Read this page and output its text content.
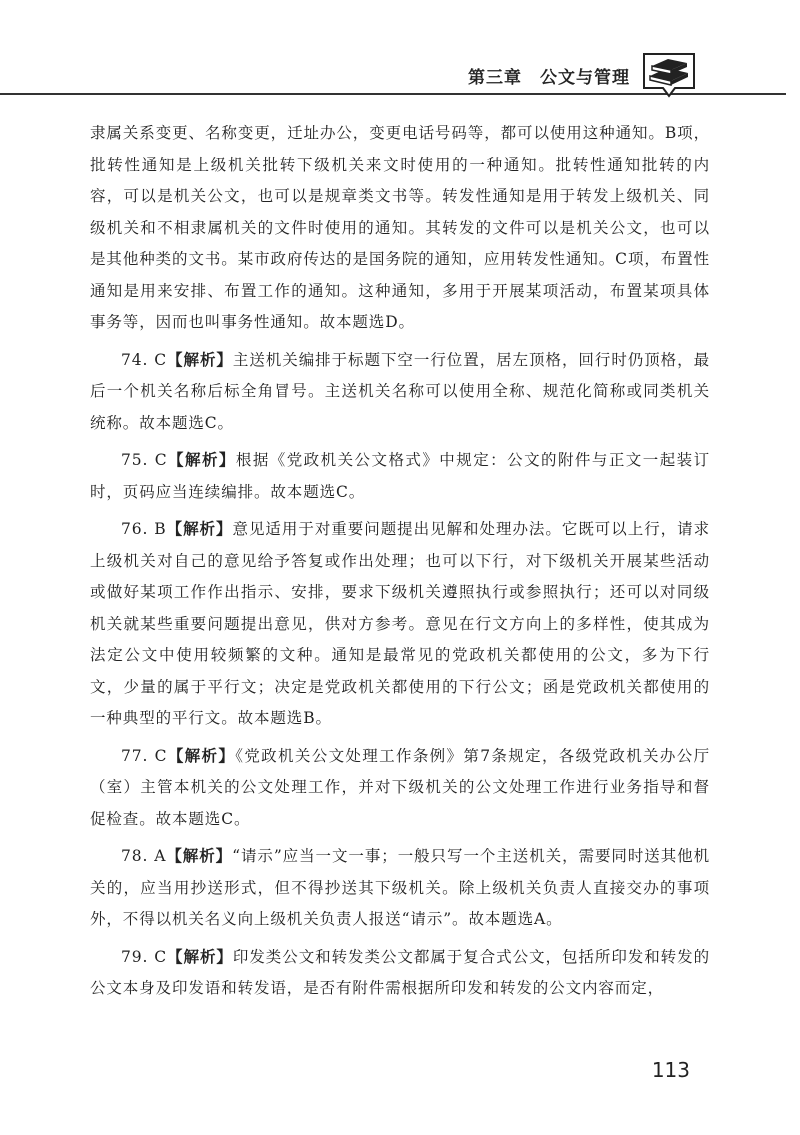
第三章　公文与管理

隶属关系变更、名称变更，迁址办公，变更电话号码等，都可以使用这种通知。B项，批转性通知是上级机关批转下级机关来文时使用的一种通知。批转性通知批转的内容，可以是机关公文，也可以是规章类文书等。转发性通知是用于转发上级机关、同级机关和不相隶属机关的文件时使用的通知。其转发的文件可以是机关公文，也可以是其他种类的文书。某市政府传达的是国务院的通知，应用转发性通知。C项，布置性通知是用来安排、布置工作的通知。这种通知，多用于开展某项活动，布置某项具体事务等，因而也叫事务性通知。故本题选D。

74. C【解析】主送机关编排于标题下空一行位置，居左顶格，回行时仍顶格，最后一个机关名称后标全角冒号。主送机关名称可以使用全称、规范化简称或同类机关统称。故本题选C。

75. C【解析】根据《党政机关公文格式》中规定：公文的附件与正文一起装订时，页码应当连续编排。故本题选C。

76. B【解析】意见适用于对重要问题提出见解和处理办法。它既可以上行，请求上级机关对自己的意见给予答复或作出处理；也可以下行，对下级机关开展某些活动或做好某项工作作出指示、安排，要求下级机关遵照执行或参照执行；还可以对同级机关就某些重要问题提出意见，供对方参考。意见在行文方向上的多样性，使其成为法定公文中使用较频繁的文种。通知是最常见的党政机关都使用的公文，多为下行文，少量的属于平行文；决定是党政机关都使用的下行公文；函是党政机关都使用的一种典型的平行文。故本题选B。

77. C【解析】《党政机关公文处理工作条例》第7条规定，各级党政机关办公厅（室）主管本机关的公文处理工作，并对下级机关的公文处理工作进行业务指导和督促检查。故本题选C。

78. A【解析】“请示”应当一文一事；一般只写一个主送机关，需要同时送其他机关的，应当用抄送形式，但不得抄送其下级机关。除上级机关负责人直接交办的事项外，不得以机关名义向上级机关负责人报送“请示”。故本题选A。

79. C【解析】印发类公文和转发类公文都属于复合式公文，包括所印发和转发的公文本身及印发语和转发语，是否有附件需根据所印发和转发的公文内容而定，

113
